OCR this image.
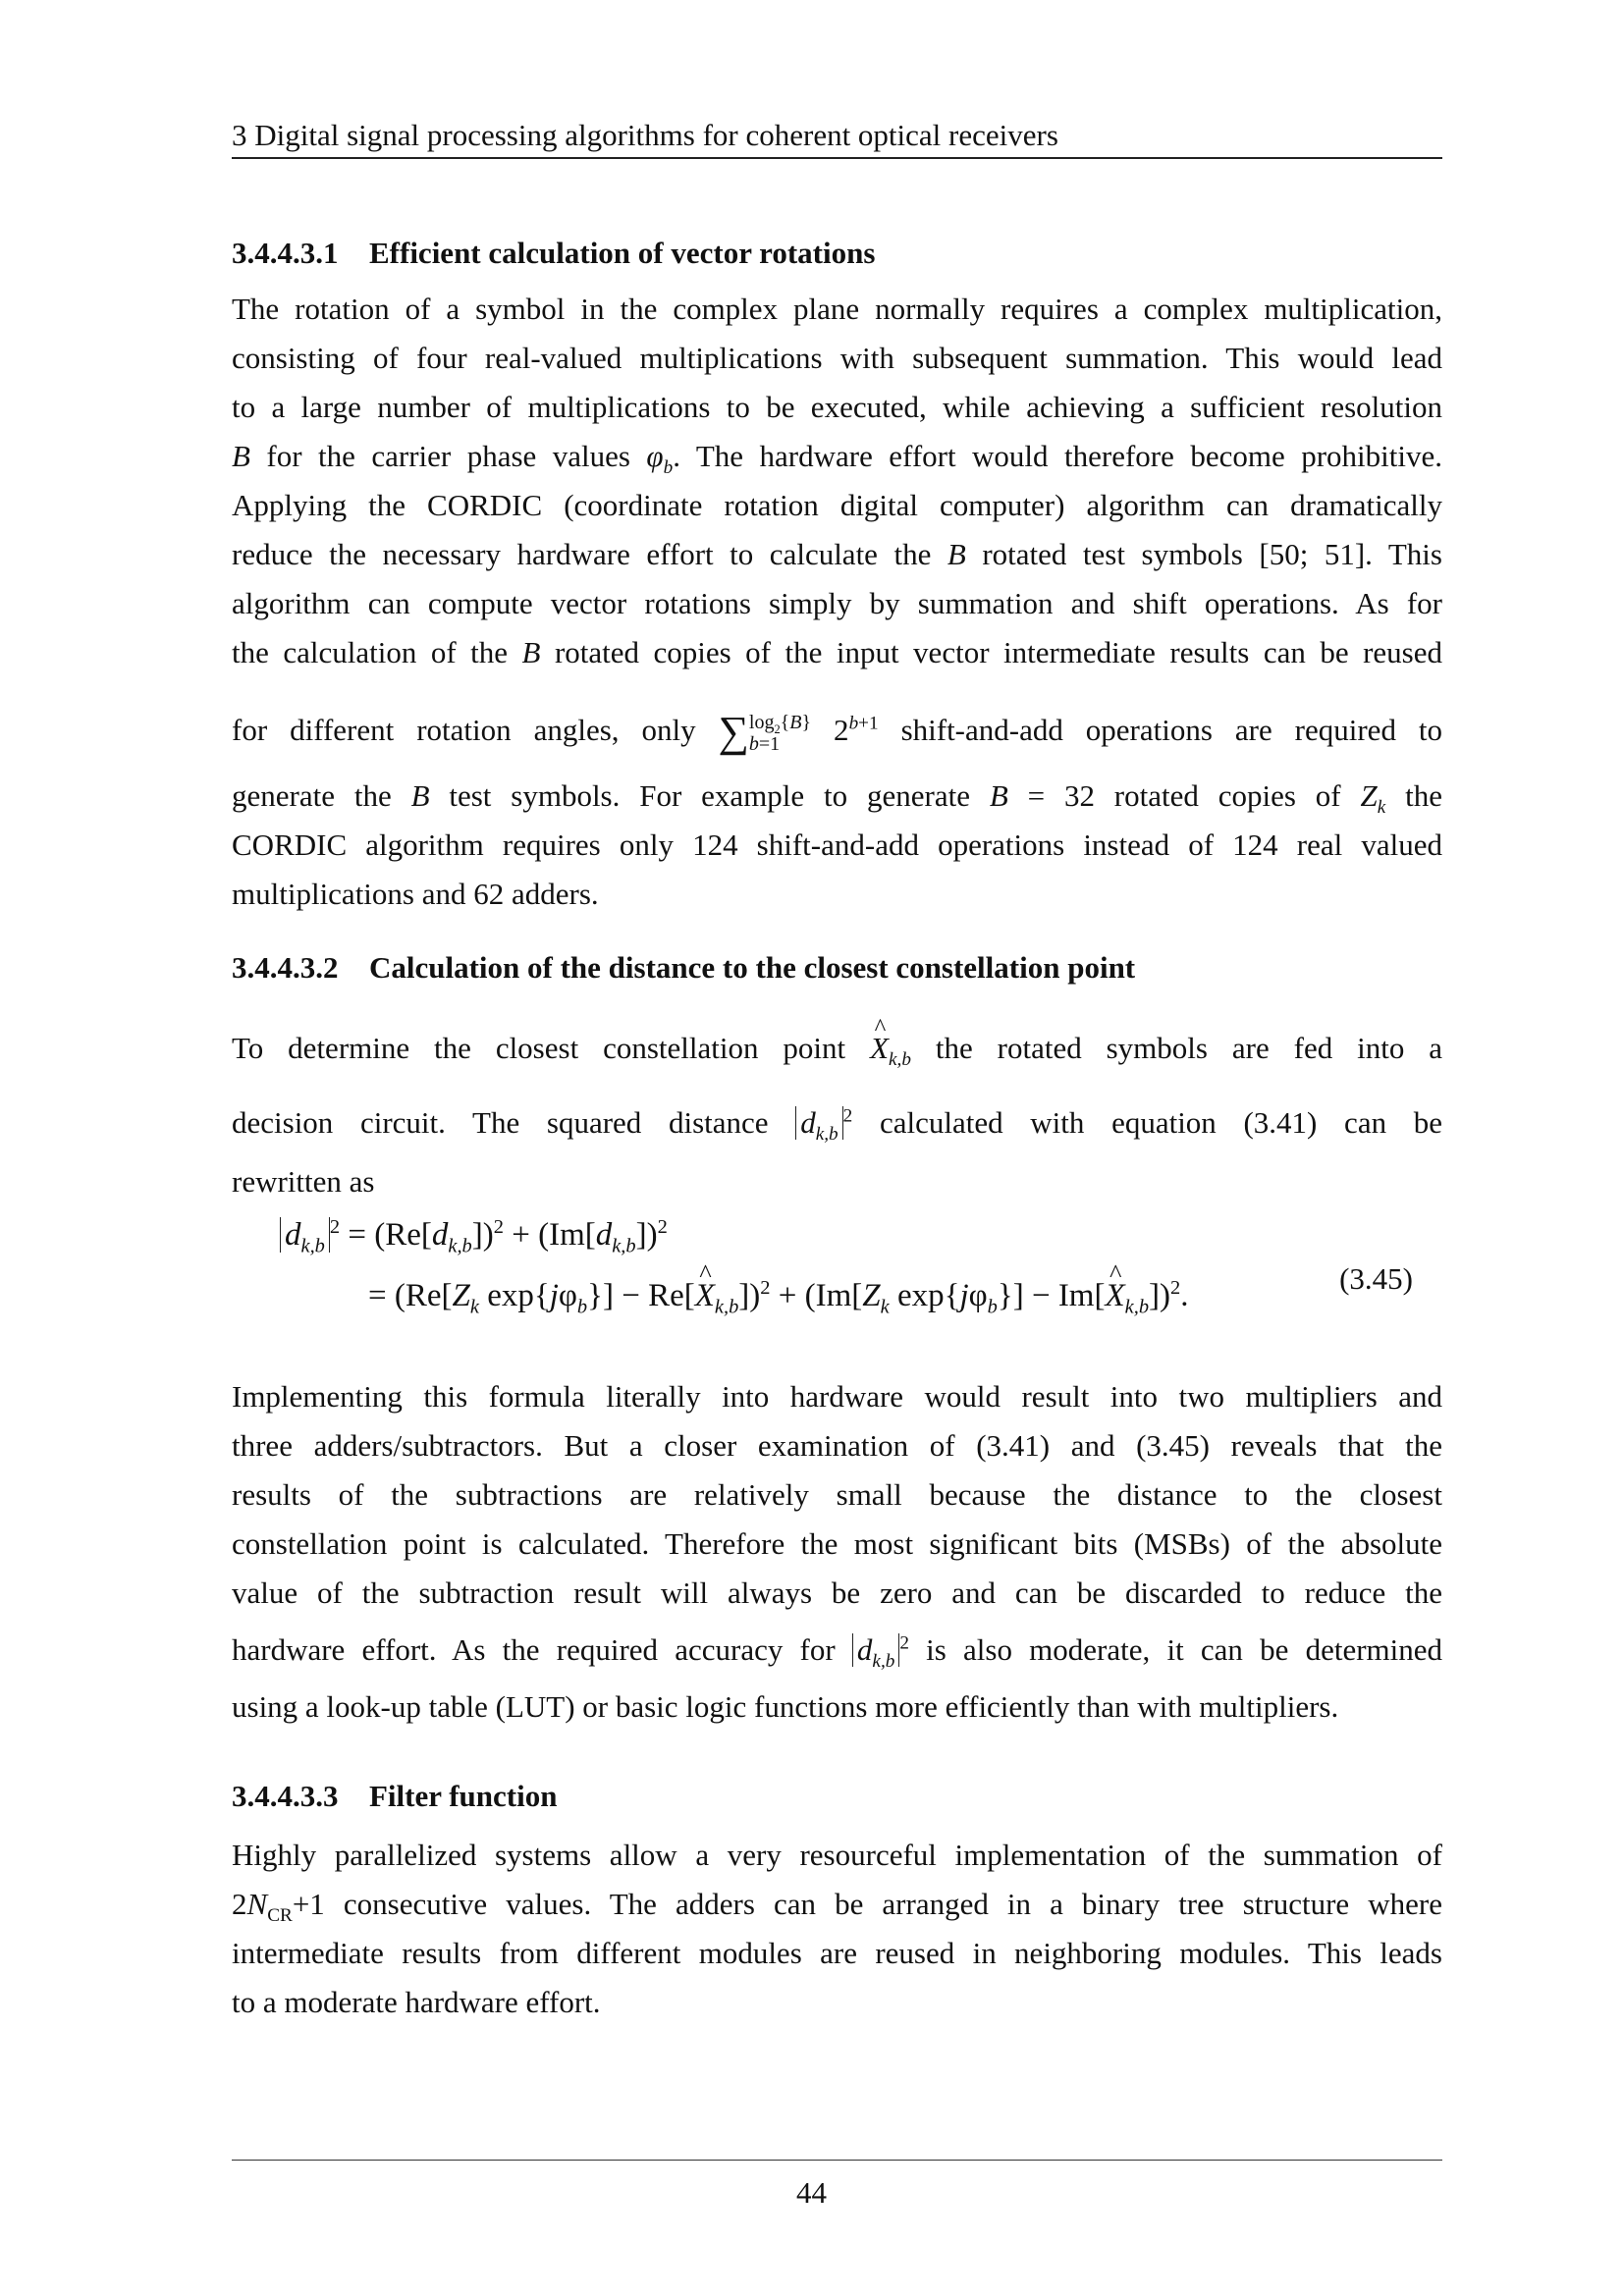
3 Digital signal processing algorithms for coherent optical receivers
3.4.4.3.1 Efficient calculation of vector rotations
The rotation of a symbol in the complex plane normally requires a complex multiplication,
consisting of four real-valued multiplications with subsequent summation. This would lead
to a large number of multiplications to be executed, while achieving a sufficient resolution
B for the carrier phase values $\varphi_b$. The hardware effort would therefore become prohibitive.
Applying the CORDIC (coordinate rotation digital computer) algorithm can dramatically
reduce the necessary hardware effort to calculate the B rotated test symbols [50; 51]. This
algorithm can compute vector rotations simply by summation and shift operations. As for
the calculation of the B rotated copies of the input vector intermediate results can be reused
for different rotation angles, only ∑ $\log_2\{B\}$
b=1	$2^{b+1}$ shift-and-add operations are required to
generate the B test symbols. For example to generate B = 32 rotated copies of $Z_k$ the
CORDIC algorithm requires only 124 shift-and-add operations instead of 124 real valued
multiplications and 62 adders.
3.4.4.3.2 Calculation of the distance to the closest constellation point
To determine the closest constellation point ^ $X_{k,b}$ the rotated symbols are fed into a
decision circuit. The squared distance $d_{k,b}^2$ calculated with equation (3.41) can be
rewritten as
$d_{k,b}^2 = (Re[d_{k,b}])^2 + (Im[d_{k,b}])^2$
= ($Re[Z_k$ $\exp\{j\varphi_b\}$] − Re[^ $X_{k,b}])^2 + (Im[Z_k$ $\exp\{j\varphi_b\}$] − Im[^ $X_{k,b}])^2$.	(3.45)
Implementing this formula literally into hardware would result into two multipliers and
three adders/subtractors. But a closer examination of (3.41) and (3.45) reveals that the
results of the subtractions are relatively small because the distance to the closest
constellation point is calculated. Therefore the most significant bits (MSBs) of the absolute
value of the subtraction result will always be zero and can be discarded to reduce the
hardware effort. As the required accuracy for $d_{k,b}^2$ is also moderate, it can be determined
using a look-up table (LUT) or basic logic functions more efficiently than with multipliers.
3.4.4.3.3 Filter function
Highly parallelized systems allow a very resourceful implementation of the summation of
$2N_{CR}+1$ consecutive values. The adders can be arranged in a binary tree structure where
intermediate results from different modules are reused in neighboring modules. This leads
to a moderate hardware effort.
44
